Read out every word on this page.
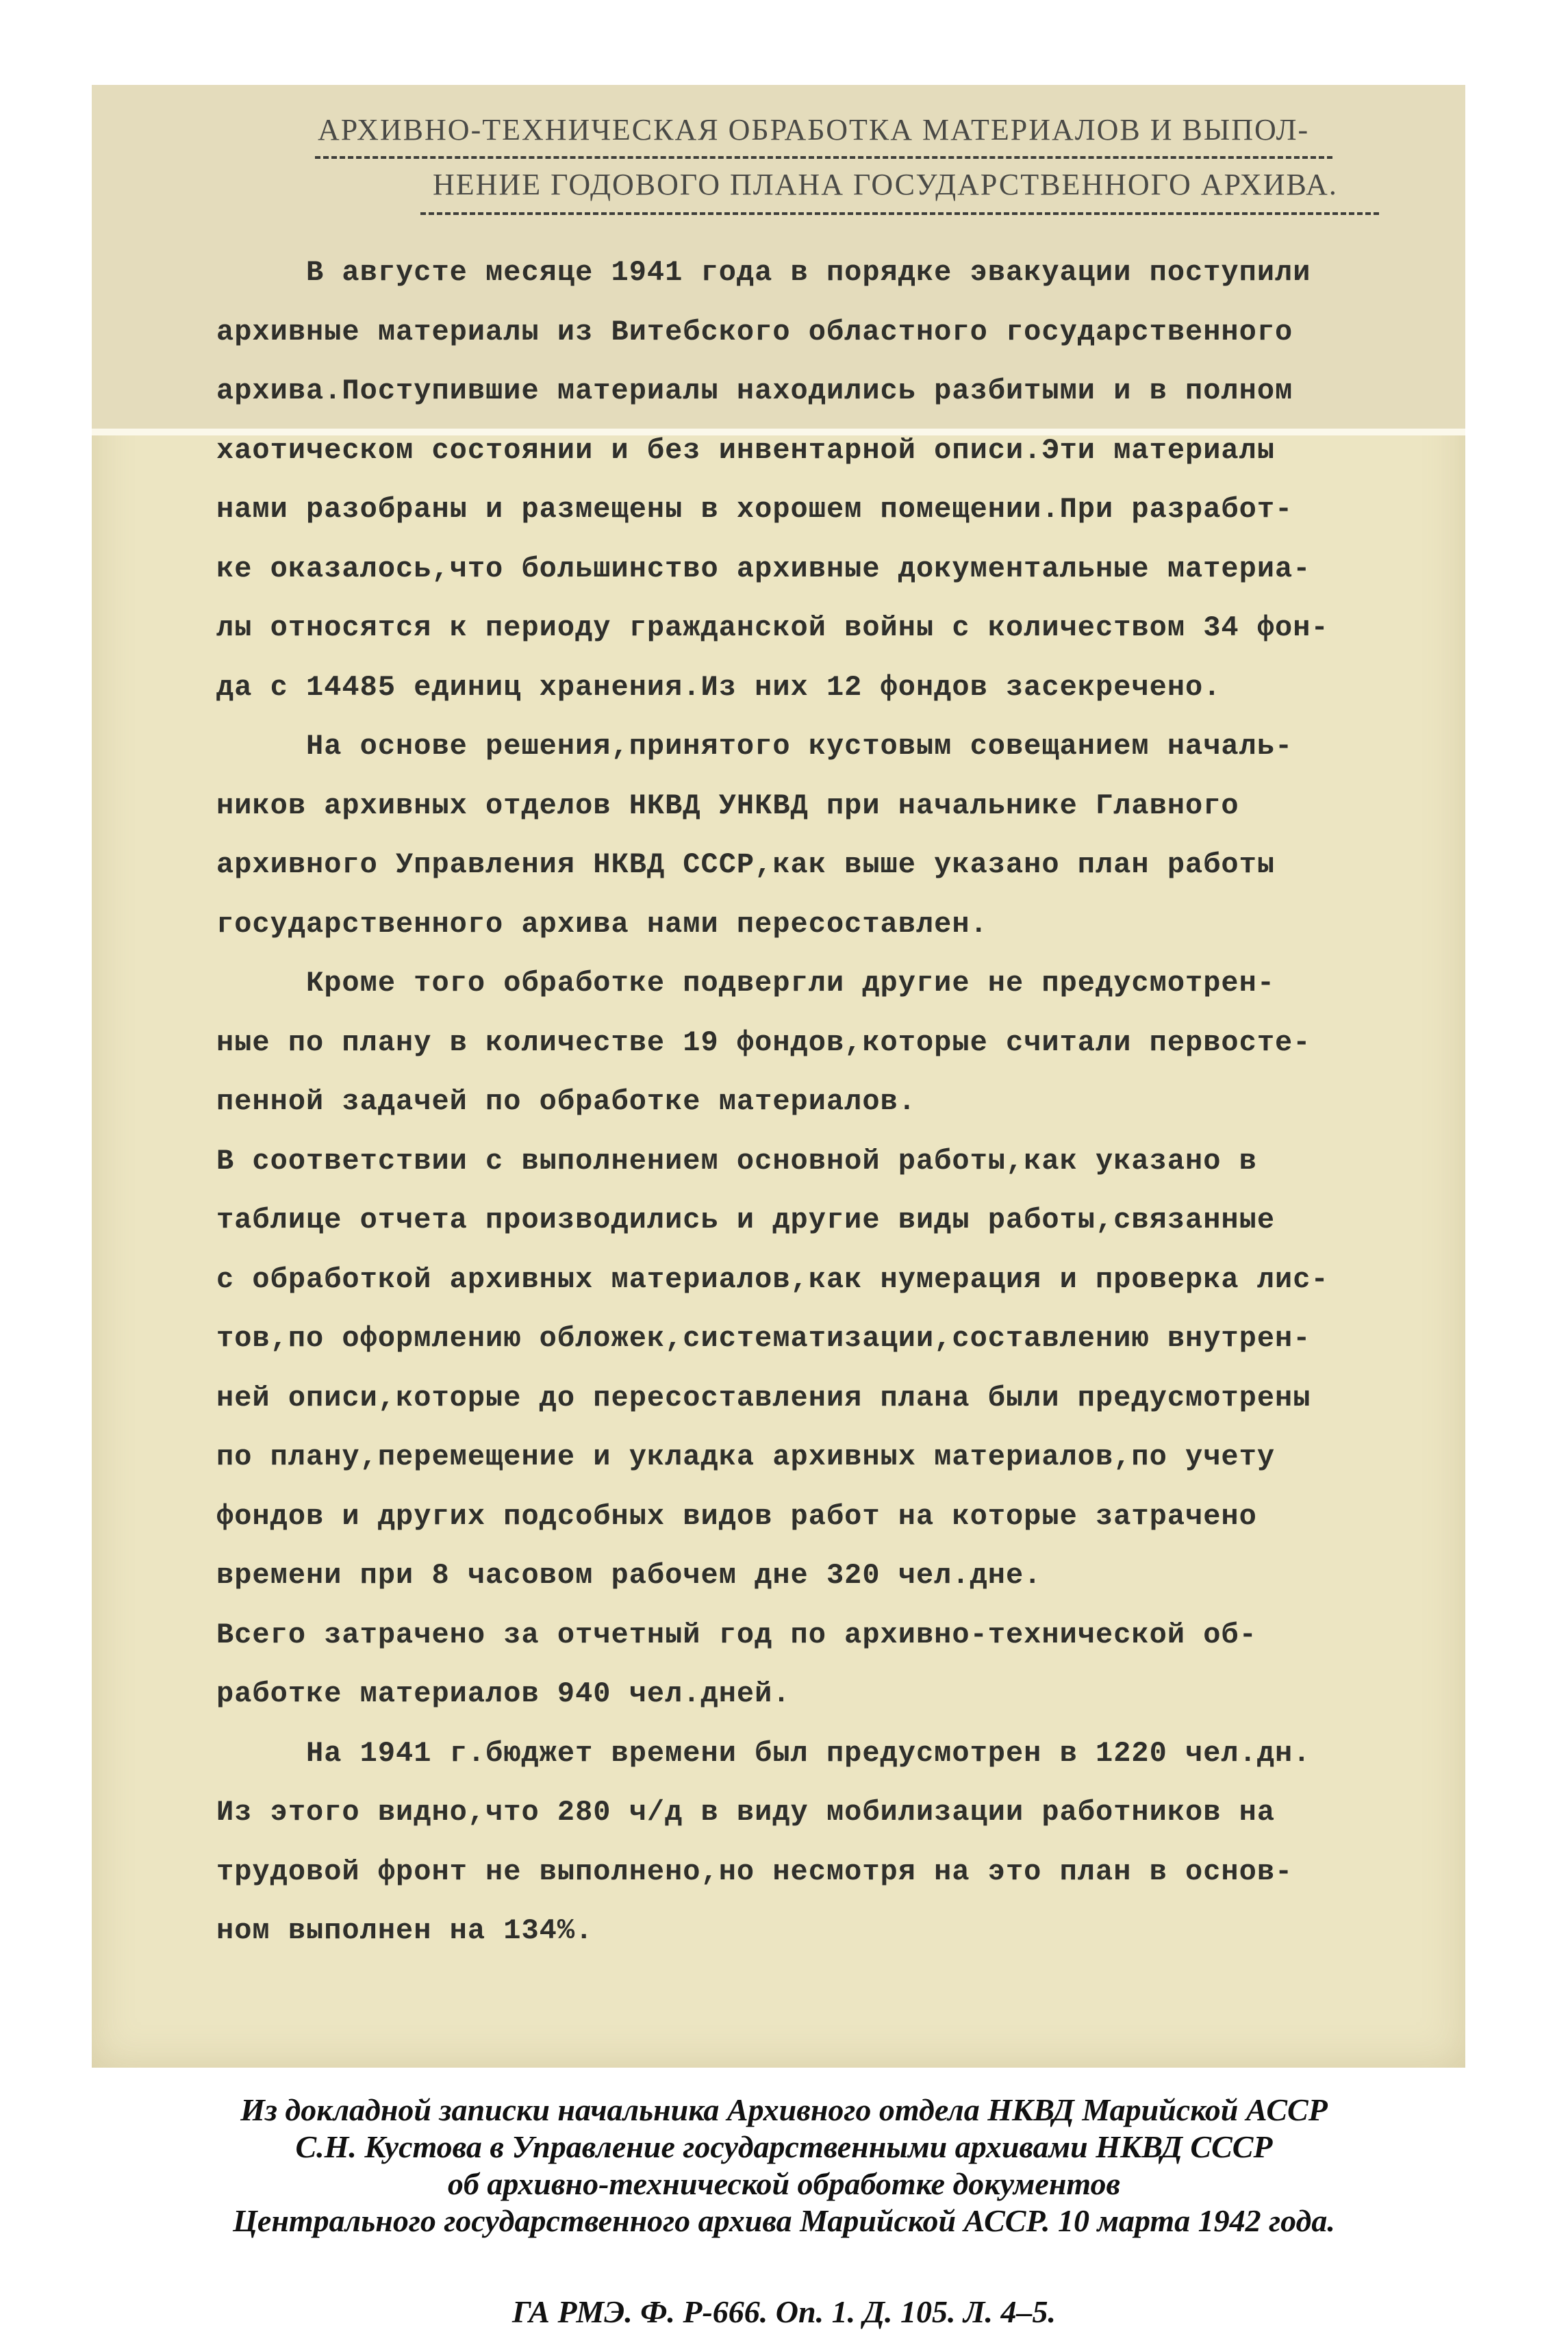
АРХИВНО-ТЕХНИЧЕСКАЯ ОБРАБОТКА МАТЕРИАЛОВ И ВЫПОЛ-
НЕНИЕ ГОДОВОГО ПЛАНА ГОСУДАРСТВЕННОГО АРХИВА.
В августе месяце 1941 года в порядке эвакуации поступили
архивные материалы из Витебского областного государственного
архива.Поступившие материалы находились разбитыми и в полном
хаотическом состоянии и без инвентарной описи.Эти материалы
нами разобраны и размещены в хорошем помещении.При разработ-
ке оказалось,что большинство архивные документальные материа-
лы относятся к периоду гражданской войны с количеством 34 фон-
да с 14485 единиц хранения.Из них 12 фондов засекречено.
На основе решения,принятого кустовым совещанием началь-
ников архивных отделов НКВД УНКВД при начальнике Главного
архивного Управления НКВД СССР,как выше указано план работы
государственного архива нами пересоставлен.
Кроме того обработке подвергли другие не предусмотрен-
ные по плану в количестве 19 фондов,которые считали первосте-
пенной задачей по обработке материалов.
В соответствии с выполнением основной работы,как указано в
таблице отчета производились и другие виды работы,связанные
с обработкой архивных материалов,как нумерация и проверка лис-
тов,по оформлению обложек,систематизации,составлению внутрен-
ней описи,которые до пересоставления плана были предусмотрены
по плану,перемещение и укладка архивных материалов,по учету
фондов и других подсобных видов работ на которые затрачено
времени при 8 часовом рабочем дне 320 чел.дне.
Всего затрачено за отчетный год по архивно-технической об-
работке материалов 940 чел.дней.
На 1941 г.бюджет времени был предусмотрен в 1220 чел.дн.
Из этого видно,что 280 ч/д в виду мобилизации работников на
трудовой фронт не выполнено,но несмотря на это план в основ-
ном выполнен на 134%.
Из докладной записки начальника Архивного отдела НКВД Марийской АССР
С.Н. Кустова в Управление государственными архивами НКВД СССР
об архивно-технической обработке документов
Центрального государственного архива Марийской АССР. 10 марта 1942 года.
ГА РМЭ. Ф. Р-666. Оп. 1. Д. 105. Л. 4–5.
